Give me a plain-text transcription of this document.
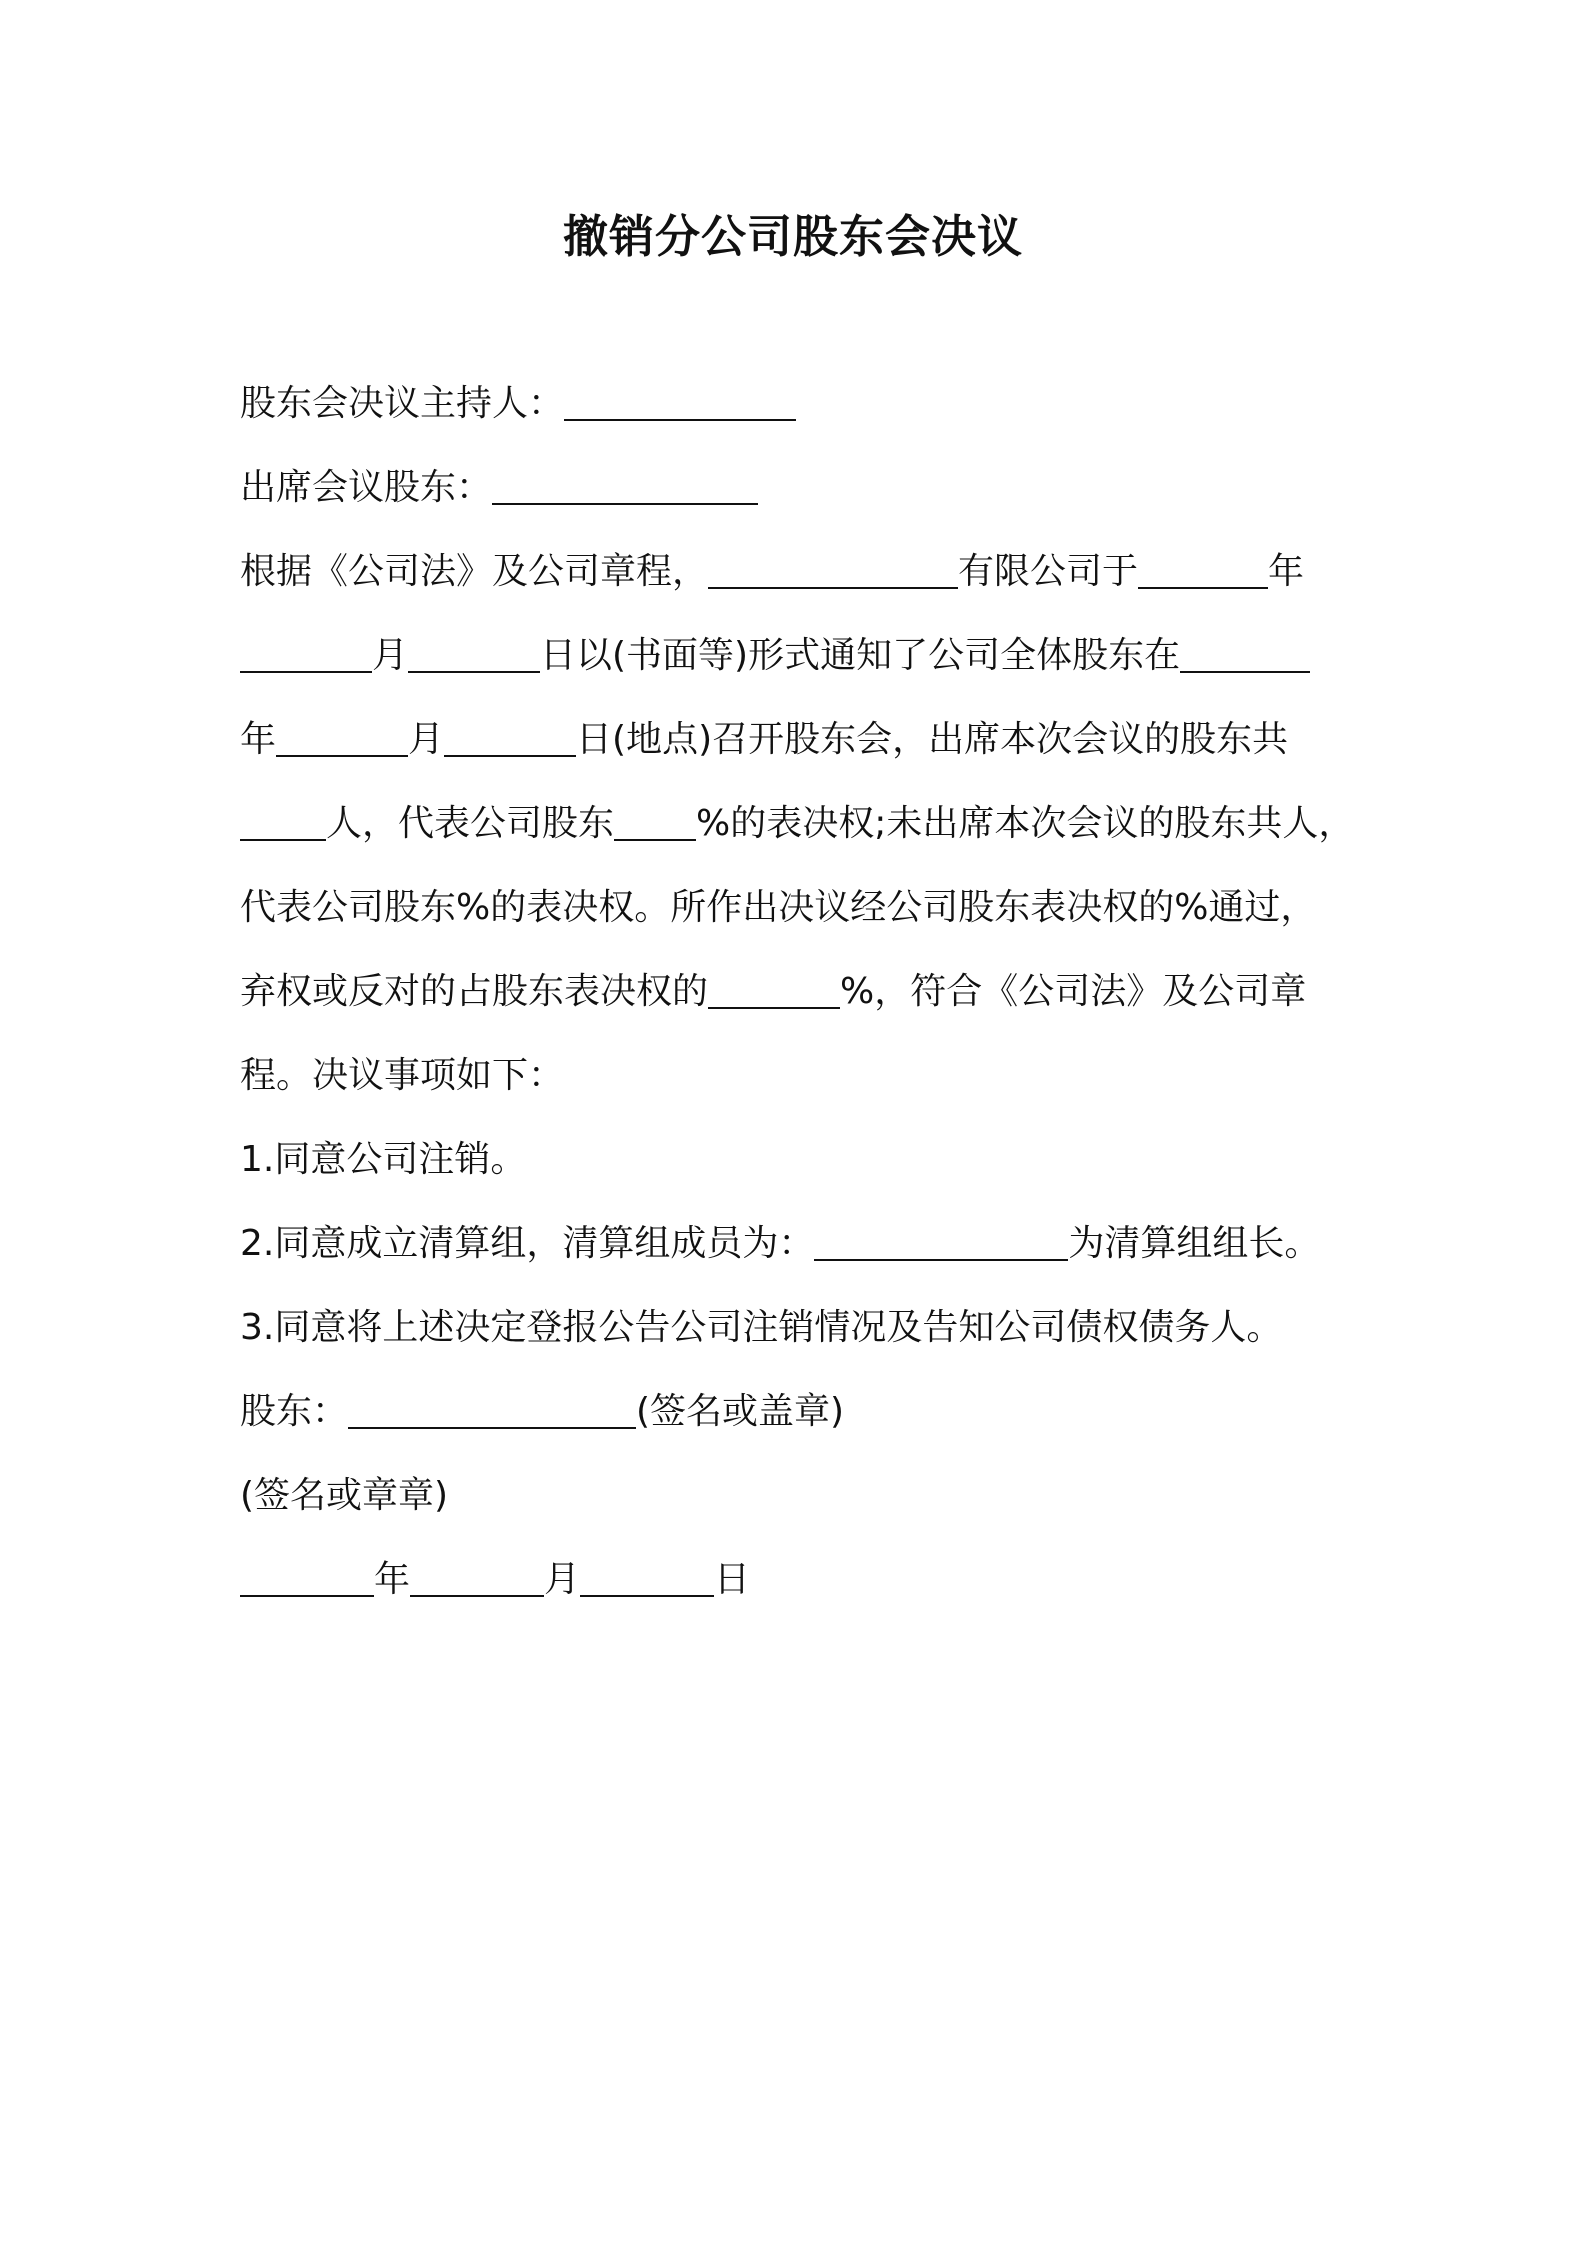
撤销分公司股东会决议
股东会决议主持人：
出席会议股东：
根据《公司法》及公司章程，	有限公司于	年
月	日以(书面等)形式通知了公司全体股东在
年	月	日(地点)召开股东会，出席本次会议的股东共
人，代表公司股东 %的表决权;未出席本次会议的股东共人，
代表公司股东%的表决权。所作出决议经公司股东表决权的%通过，
弃权或反对的占股东表决权的	%，符合《公司法》及公司章
程。决议事项如下：
1.同意公司注销。
2.同意成立清算组，清算组成员为：	为清算组组长。
3.同意将上述决定登报公告公司注销情况及告知公司债权债务人。
股东：	(签名或盖章)
(签名或章章)
年	月	日
